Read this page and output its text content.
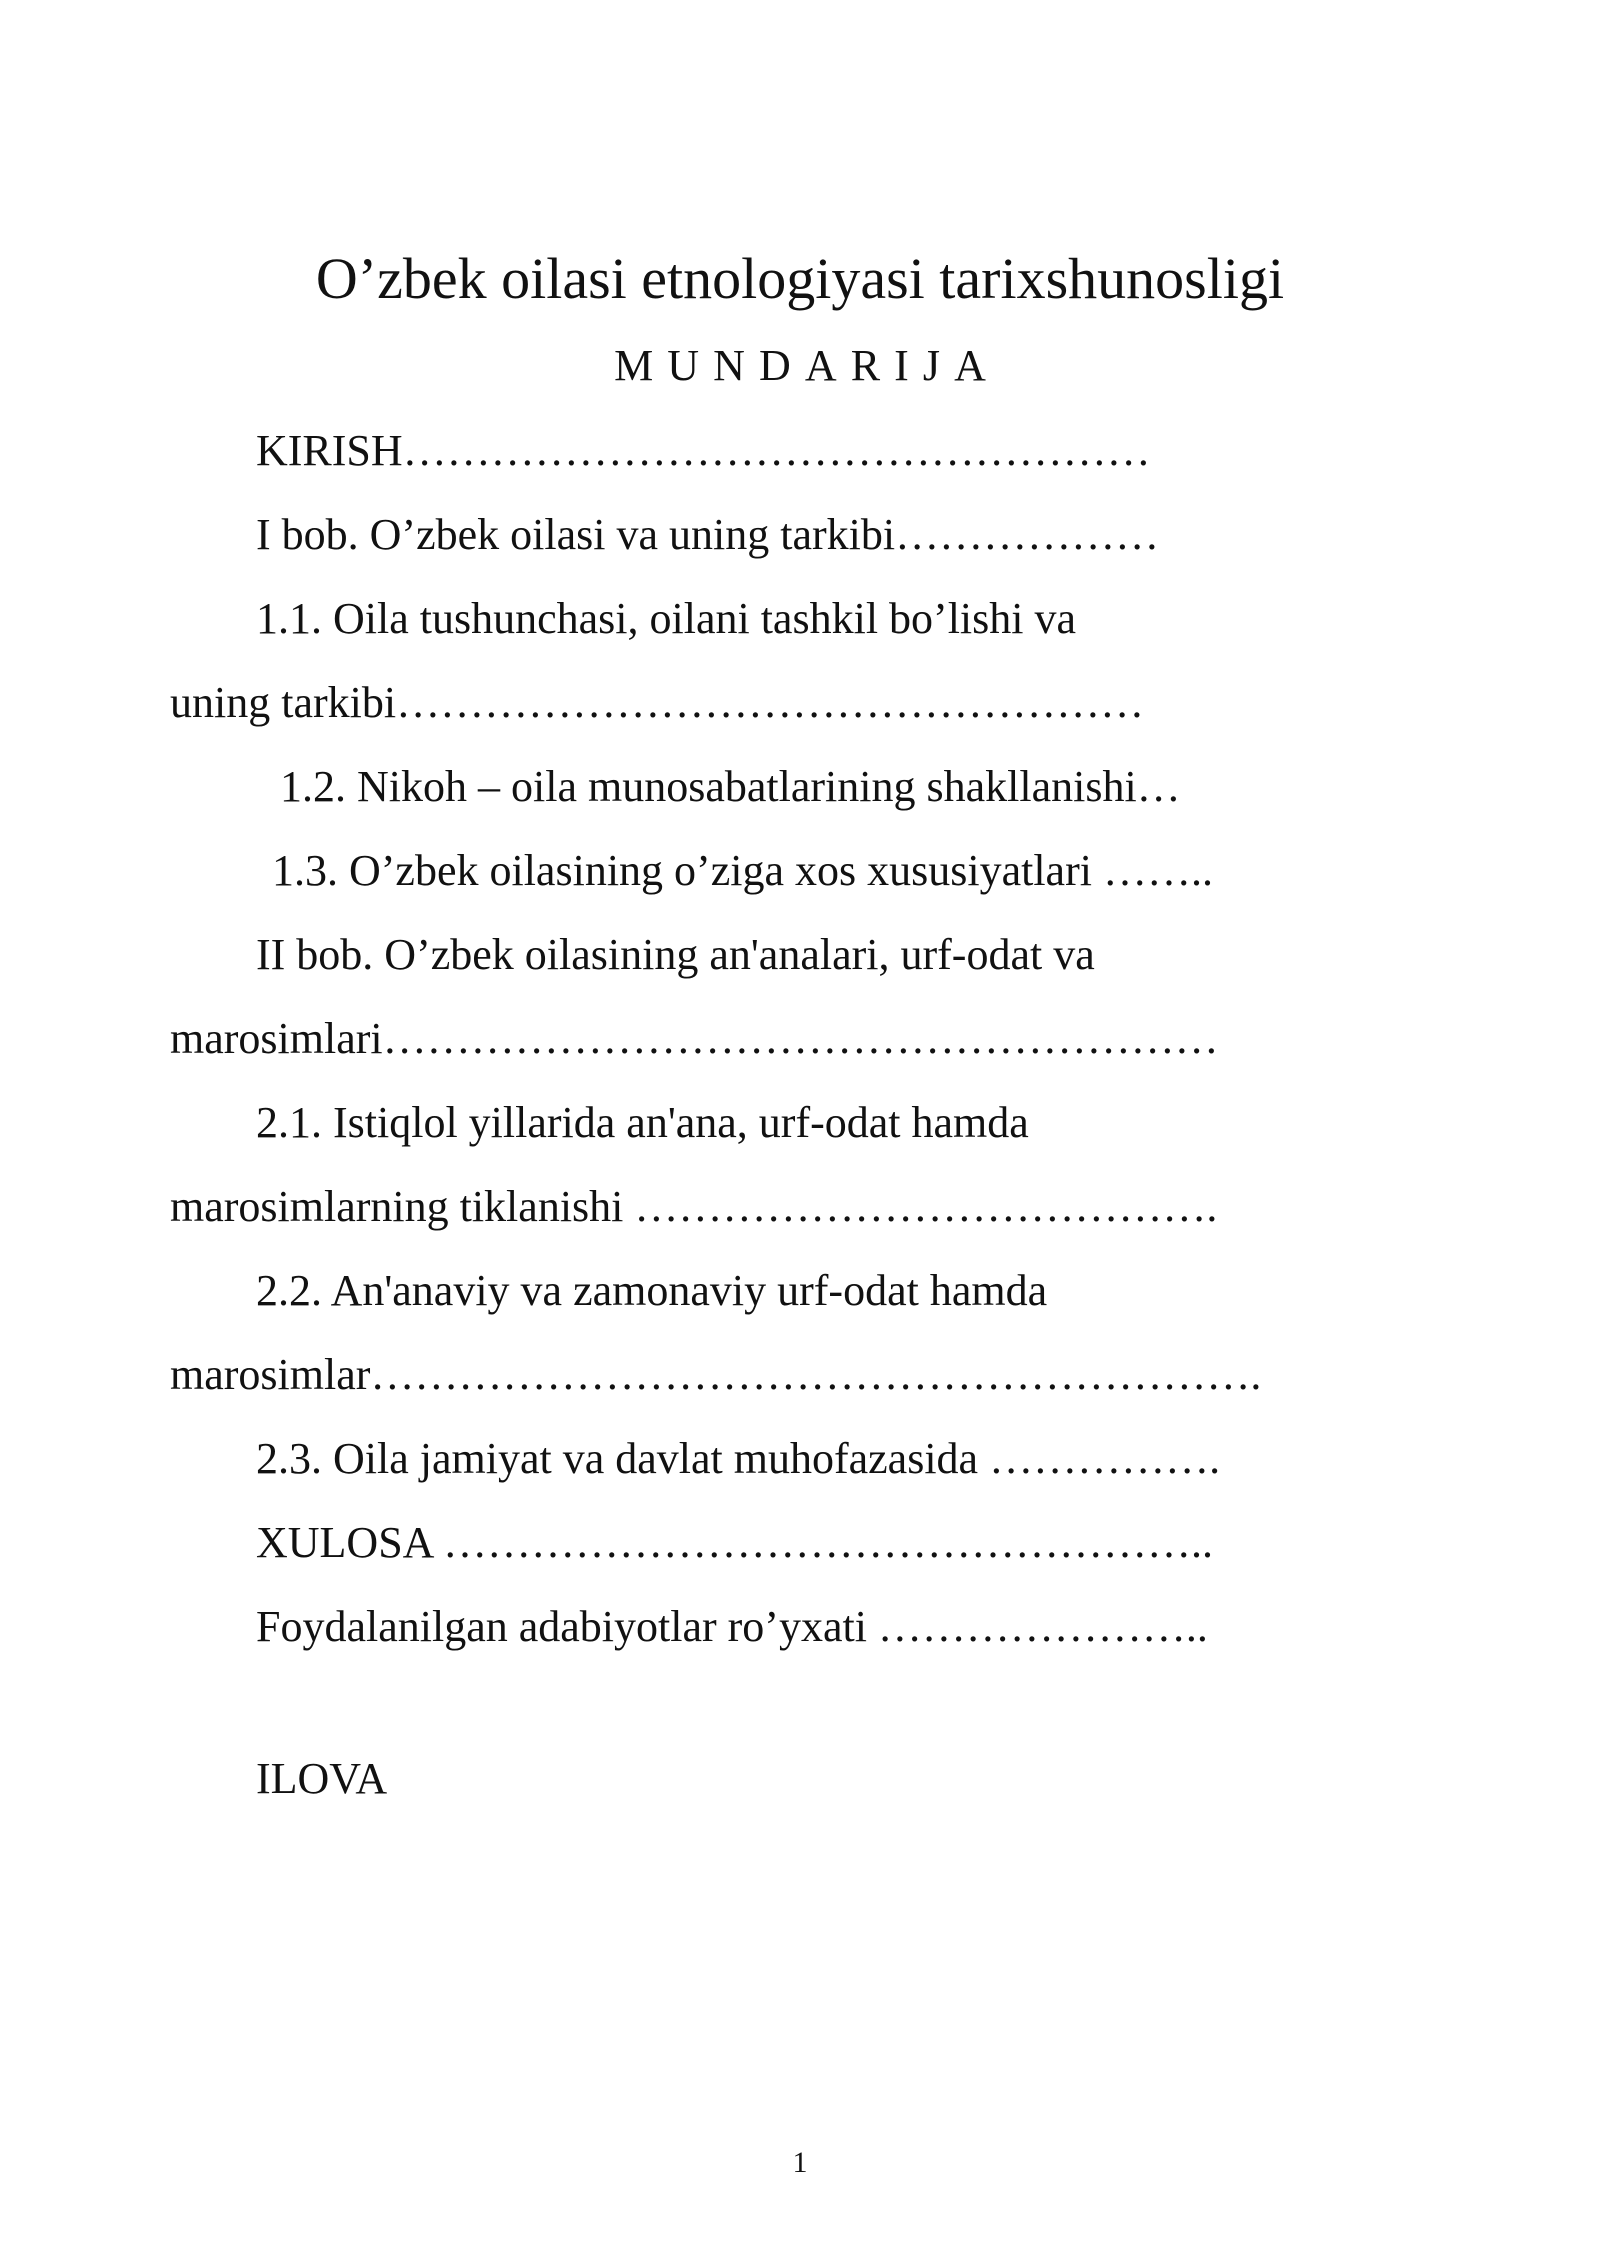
O’zbek oilasi etnologiyasi tarixshunosligi
MUNDARIJA
KIRISH……………………………………………
I bob. O’zbek oilasi va uning tarkibi………………
1.1. Oila tushunchasi, oilani tashkil bo’lishi va
uning tarkibi……………………………………………
1.2. Nikoh – oila munosabatlarining shakllanishi…
1.3. O’zbek oilasining o’ziga xos xususiyatlari ……..
II bob. O’zbek oilasining an'analari, urf-odat va
marosimlari…………………………………………………
2.1. Istiqlol yillarida an'ana, urf-odat hamda
marosimlarning tiklanishi ………………………………….
2.2. An'anaviy va zamonaviy urf-odat hamda
marosimlar…………………………………………………….
2.3. Oila jamiyat va davlat muhofazasida …………….
XULOSA ……………………………………………..
Foydalanilgan adabiyotlar ro’yxati …………………..
ILOVA
1
